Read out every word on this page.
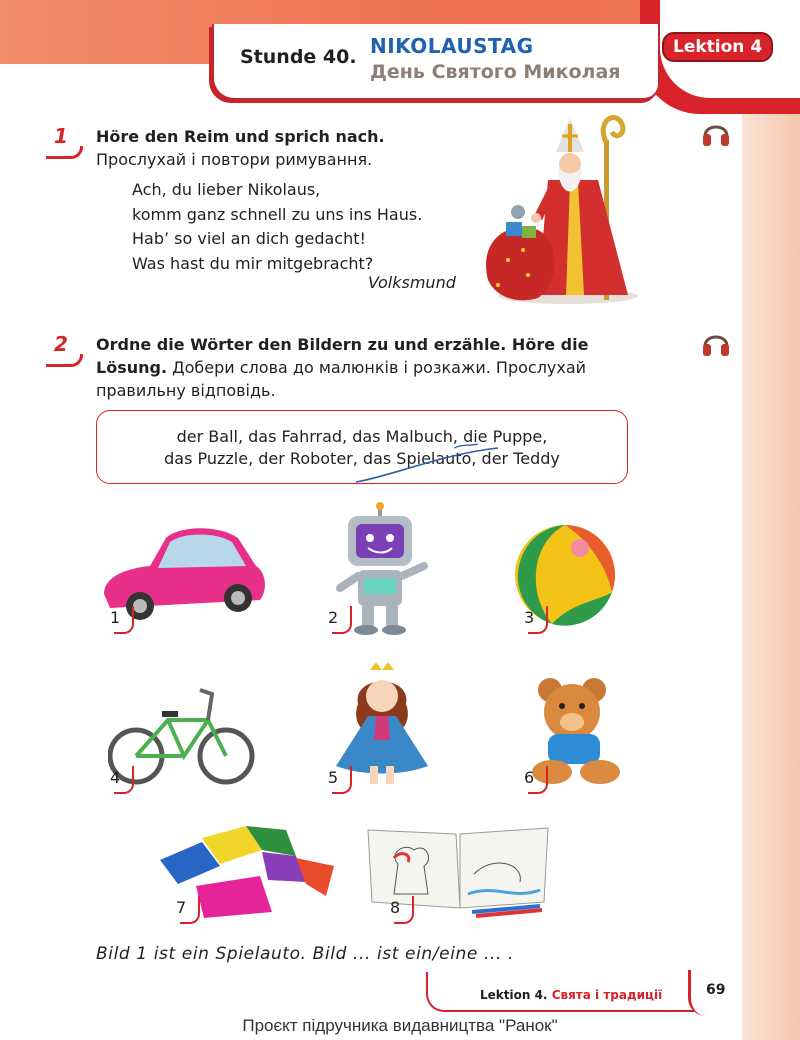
Lektion 4
Stunde 40. NIKOLAUSTAG
День Святого Миколая
1	Höre den Reim und sprich nach.
Прослухай і повтори римування.
Ach, du lieber Nikolaus,
komm ganz schnell zu uns ins Haus.
Hab’ so viel an dich gedacht!
Was hast du mir mitgebracht?
Volksmund
2	Ordne die Wörter den Bildern zu und erzähle. Höre die
Lösung. Добери слова до малюнків і розкажи. Прослухай
правильну відповідь.
der Ball, das Fahrrad, das Malbuch, die Puppe,
das Puzzle, der Roboter, das Spielauto, der Teddy
1	2	3
4	5	6
7	8
Bild 1 ist ein Spielauto. Bild ... ist ein/eine ... .
Lektion 4. Свята і традиції	69
Проєкт підручника видавництва "Ранок"
